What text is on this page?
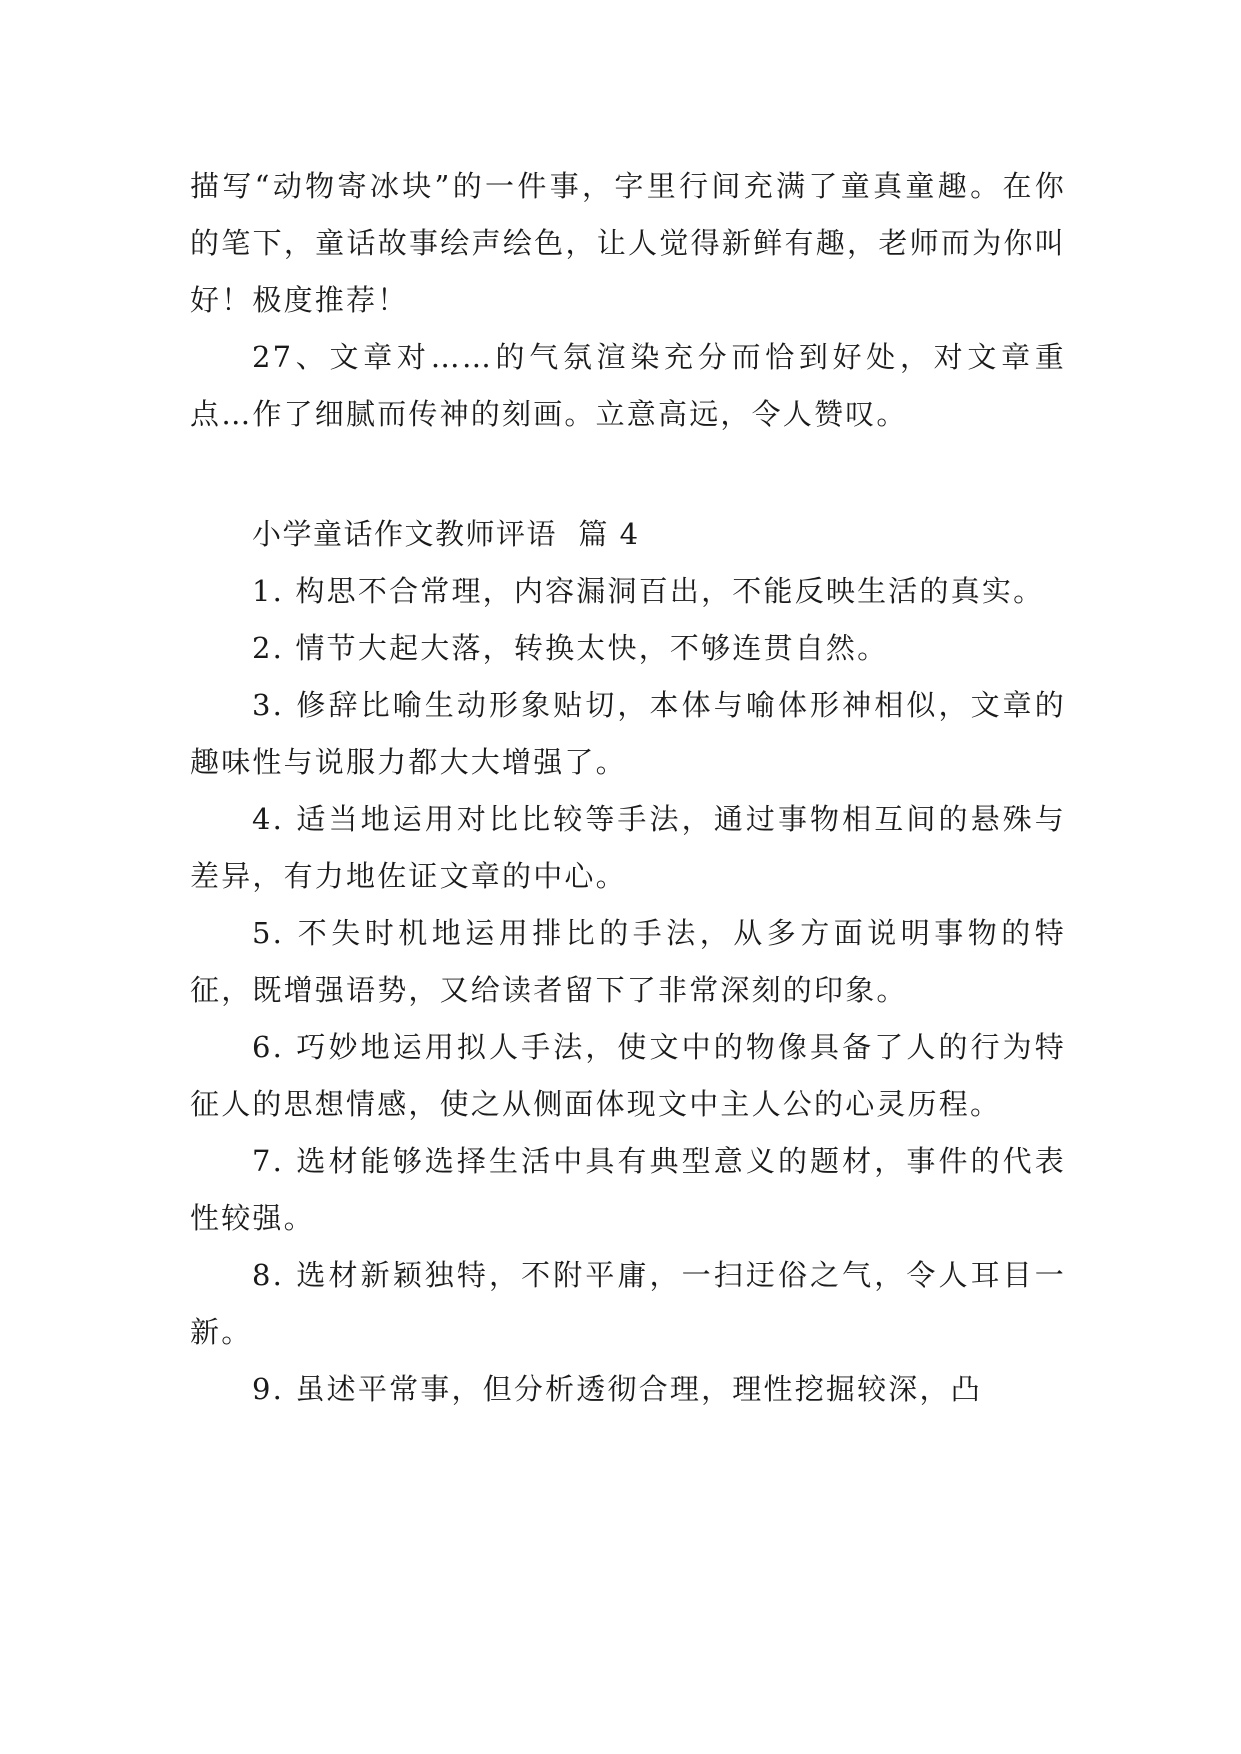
描写“动物寄冰块”的一件事，字里行间充满了童真童趣。在你的笔下，童话故事绘声绘色，让人觉得新鲜有趣，老师而为你叫好！极度推荐！

27、文章对……的气氛渲染充分而恰到好处，对文章重点…作了细腻而传神的刻画。立意高远，令人赞叹。

小学童话作文教师评语  篇 4

1. 构思不合常理，内容漏洞百出，不能反映生活的真实。

2. 情节大起大落，转换太快，不够连贯自然。

3. 修辞比喻生动形象贴切，本体与喻体形神相似，文章的趣味性与说服力都大大增强了。

4. 适当地运用对比比较等手法，通过事物相互间的悬殊与差异，有力地佐证文章的中心。

5. 不失时机地运用排比的手法，从多方面说明事物的特征，既增强语势，又给读者留下了非常深刻的印象。

6. 巧妙地运用拟人手法，使文中的物像具备了人的行为特征人的思想情感，使之从侧面体现文中主人公的心灵历程。

7. 选材能够选择生活中具有典型意义的题材，事件的代表性较强。

8. 选材新颖独特，不附平庸，一扫迂俗之气，令人耳目一新。

9. 虽述平常事，但分析透彻合理，理性挖掘较深，凸
